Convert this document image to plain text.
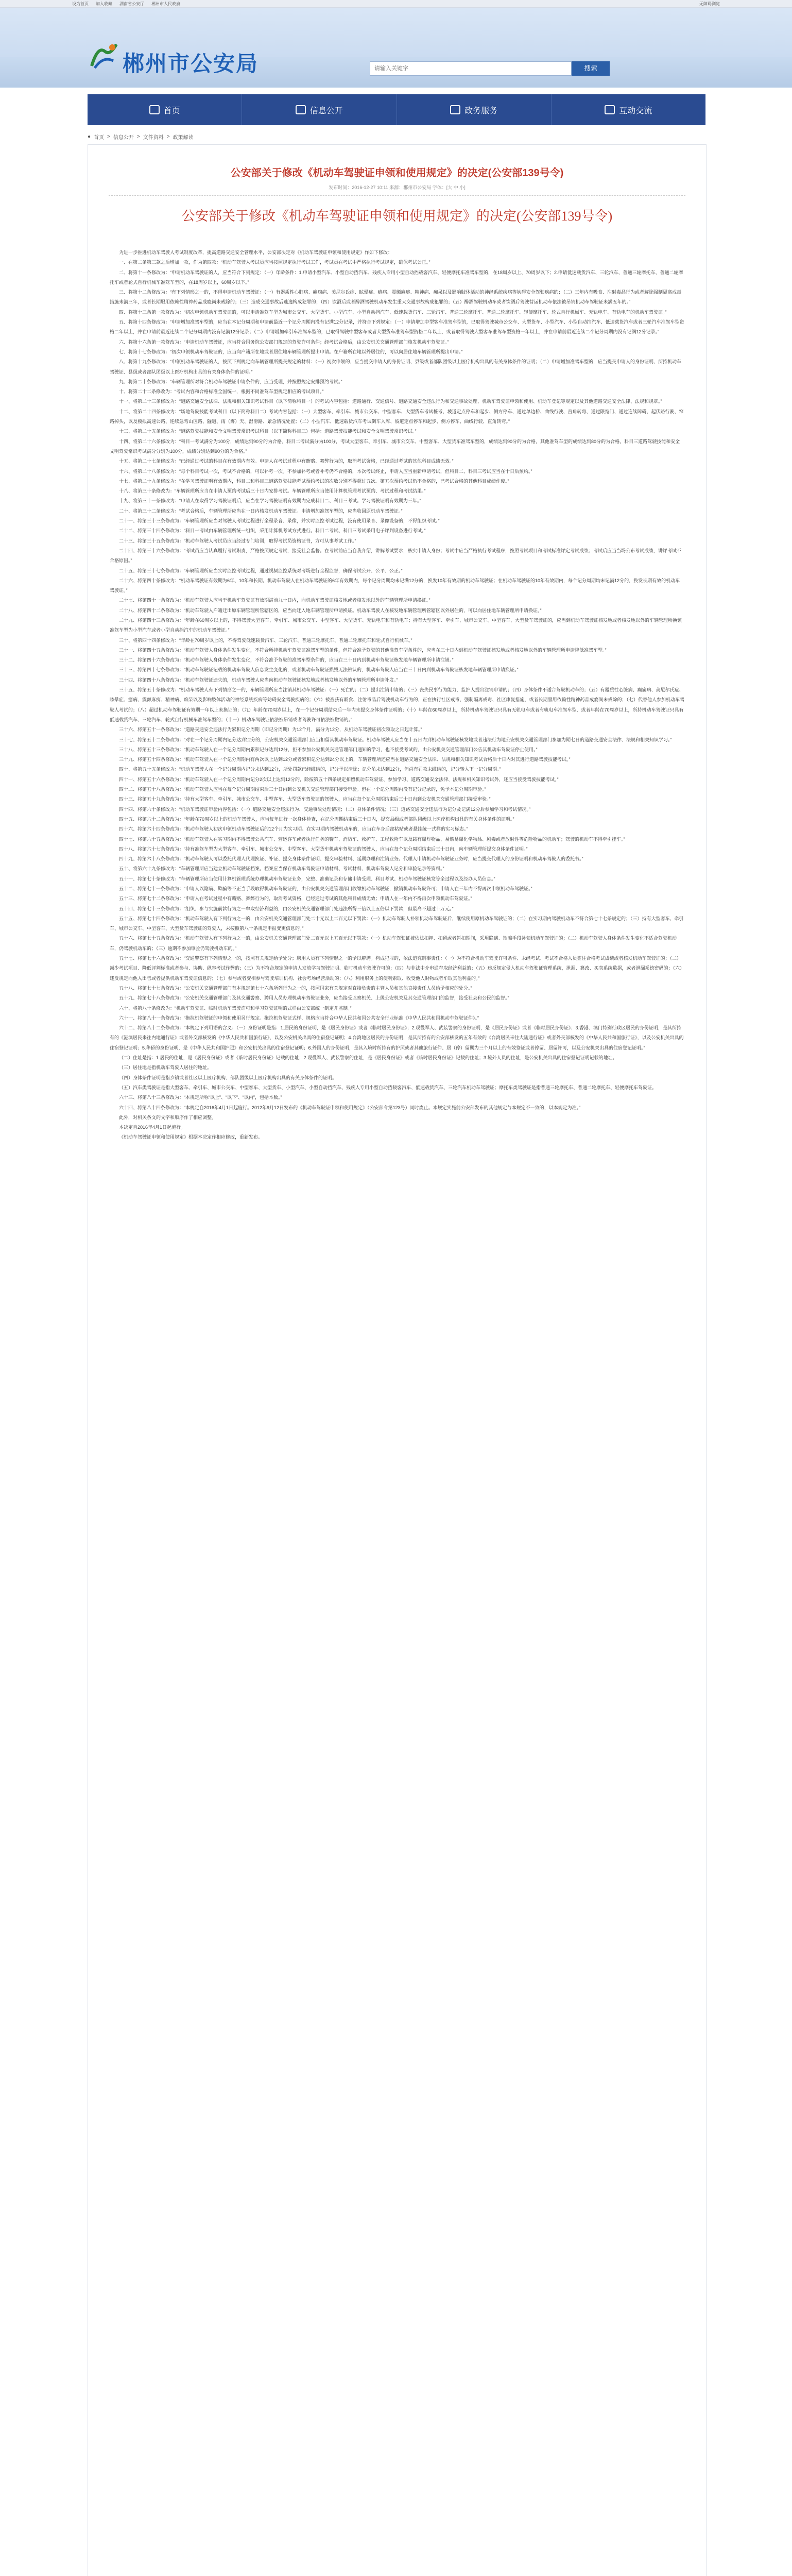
设为首页 加入收藏 湖南省公安厅 郴州市人民政府	无障碍浏览
郴州市公安局
请输入关键字	搜索
首页	信息公开	政务服务	互动交流
● 首页 > 信息公开 > 文件资料 > 政策解读
公安部关于修改《机动车驾驶证申领和使用规定》的决定(公安部139号令)
发布时间：2016-12-27 10:11 来源：郴州市公安局 字体：[大 中 小]
公安部关于修改《机动车驾驶证申领和使用规定》的决定(公安部139号令)

为进一步推进机动车驾驶人考试制度改革，提高道路交通安全管理水平，公安部决定对《机动车驾驶证申领和使用规定》作如下修改：

一、在第二条第三款之后增加一款，作为第四款：“机动车驾驶人考试员应当按照规定执行考试工作，考试员在考试中严格执行考试规定，确保考试公正。”

二、将第十一条修改为：“申请机动车驾驶证的人，应当符合下列规定：（一）年龄条件：1.申请小型汽车、小型自动挡汽车、残疾人专用小型自动挡载客汽车、轻便摩托车准驾车型的，在18周岁以上、70周岁以下；2.申请低速载货汽车、三轮汽车、普通三轮摩托车、普通二轮摩托车或者轮式自行机械车准驾车型的，在18周岁以上，60周岁以下。”

三、将第十二条修改为：“有下列情形之一的，不得申请机动车驾驶证：（一）有器质性心脏病、癫痫病、美尼尔氏症、眩晕症、癔病、震颤麻痹、精神病、痴呆以及影响肢体活动的神经系统疾病等妨碍安全驾驶疾病的；（二）三年内有吸食、注射毒品行为或者解除强制隔离戒毒措施未满三年，或者长期服用依赖性精神药品成瘾尚未戒除的；（三）造成交通事故后逃逸构成犯罪的；（四）饮酒后或者醉酒驾驶机动车发生重大交通事故构成犯罪的；（五）醉酒驾驶机动车或者饮酒后驾驶营运机动车依法被吊销机动车驾驶证未满五年的。”

四、将第十三条第一款修改为：“初次申领机动车驾驶证的，可以申请准驾车型为城市公交车、大型货车、小型汽车、小型自动挡汽车、低速载货汽车、三轮汽车、普通三轮摩托车、普通二轮摩托车、轻便摩托车、轮式自行机械车、无轨电车、有轨电车的机动车驾驶证。”

五、将第十四条修改为：“申请增加准驾车型的，应当在本记分周期和申请前最近一个记分周期内没有记满12分记录，并符合下列规定：（一）申请增加中型客车准驾车型的，已取得驾驶城市公交车、大型货车、小型汽车、小型自动挡汽车、低速载货汽车或者三轮汽车准驾车型资格二年以上，并在申请前最近连续二个记分周期内没有记满12分记录；（二）申请增加牵引车准驾车型的，已取得驾驶中型客车或者大型货车准驾车型资格二年以上，或者取得驾驶大型客车准驾车型资格一年以上，并在申请前最近连续二个记分周期内没有记满12分记录。”

六、将第十六条第一款修改为：“申请机动车驾驶证，应当符合国务院公安部门规定的驾驶许可条件；经考试合格后，由公安机关交通管理部门核发机动车驾驶证。”

七、将第十七条修改为：“初次申领机动车驾驶证的，应当向户籍所在地或者居住地车辆管理所提出申请。在户籍所在地以外居住的，可以向居住地车辆管理所提出申请。”

八、将第十九条修改为：“申领机动车驾驶证的人，按照下列规定向车辆管理所提交规定的材料：（一）初次申领的，应当提交申请人的身份证明、县级或者部队团级以上医疗机构出具的有关身体条件的证明；（二）申请增加准驾车型的，应当提交申请人的身份证明、所持机动车驾驶证、县级或者部队团级以上医疗机构出具的有关身体条件的证明。”

九、将第二十条修改为：“车辆管理所对符合机动车驾驶证申请条件的，应当受理，并按照规定安排预约考试。”

十、将第二十二条修改为：“考试内容和合格标准全国统一，根据不同准驾车型规定相应的考试项目。”

十一、将第二十三条修改为：“道路交通安全法律、法规和相关知识考试科目（以下简称科目一）的考试内容包括：道路通行、交通信号、道路交通安全违法行为和交通事故处理、机动车驾驶证申领和使用、机动车登记等规定以及其他道路交通安全法律、法规和规章。”

十二、将第二十四条修改为：“场地驾驶技能考试科目（以下简称科目二）考试内容包括：（一）大型客车、牵引车、城市公交车、中型客车、大型货车考试桩考、坡道定点停车和起步、侧方停车、通过单边桥、曲线行驶、直角转弯、通过限宽门、通过连续障碍、起伏路行驶、窄路掉头，以及模拟高速公路、连续急弯山区路、隧道、雨（雾）天、湿滑路、紧急情况处置；（二）小型汽车、低速载货汽车考试倒车入库、坡道定点停车和起步、侧方停车、曲线行驶、直角转弯。”

十三、将第二十五条修改为：“道路驾驶技能和安全文明驾驶常识考试科目（以下简称科目三）包括：道路驾驶技能考试和安全文明驾驶常识考试。”

十四、将第二十六条修改为：“科目一考试满分为100分，成绩达到90分的为合格。科目二考试满分为100分，考试大型客车、牵引车、城市公交车、中型客车、大型货车准驾车型的，成绩达到90分的为合格，其他准驾车型的成绩达到80分的为合格。科目三道路驾驶技能和安全文明驾驶常识考试满分分别为100分，成绩分别达到90分的为合格。”

十五、将第二十七条修改为：“已经通过考试的科目在有效期内有效。申请人在考试过程中有贿赂、舞弊行为的，取消考试资格，已经通过考试的其他科目成绩无效。”

十六、将第二十八条修改为：“每个科目考试一次，考试不合格的，可以补考一次。不参加补考或者补考仍不合格的，本次考试终止，申请人应当重新申请考试，但科目二、科目三考试应当在十日后预约。”

十七、将第二十九条修改为：“在学习驾驶证明有效期内，科目二和科目三道路驾驶技能考试预约考试的次数分别不得超过五次。第五次预约考试仍不合格的，已考试合格的其他科目成绩作废。”

十八、将第三十条修改为：“车辆管理所应当在申请人预约考试后三十日内安排考试。车辆管理所应当使用计算机管理考试预约、考试过程和考试结果。”

十九、将第三十一条修改为：“申请人在取得学习驾驶证明后，应当在学习驾驶证明有效期内完成科目二、科目三考试。学习驾驶证明有效期为三年。”

二十、将第三十二条修改为：“考试合格后，车辆管理所应当在一日内核发机动车驾驶证。申请增加准驾车型的，应当收回原机动车驾驶证。”

二十一、将第三十三条修改为：“车辆管理所应当对驾驶人考试过程进行全程录音、录像，并实时监控考试过程，没有使用录音、录像设备的，不得组织考试。”

二十二、将第三十四条修改为：“科目一考试由车辆管理所统一组织，采用计算机考试方式进行。科目二考试、科目三考试采用电子评判设备进行考试。”

二十三、将第三十五条修改为：“机动车驾驶人考试员应当经过专门培训，取得考试员资格证书，方可从事考试工作。”

二十四、将第三十六条修改为：“考试员应当认真履行考试职责，严格按照规定考试，接受社会监督。在考试前应当自我介绍，讲解考试要求，核实申请人身份；考试中应当严格执行考试程序，按照考试项目和考试标准评定考试成绩；考试后应当当场公布考试成绩，讲评考试不合格原因。”

二十五、将第三十七条修改为：“车辆管理所应当实时监控考试过程，通过视频监控系统对考场进行全程监督，确保考试公开、公平、公正。”

二十六、将第四十条修改为：“机动车驾驶证有效期为6年、10年和长期。机动车驾驶人在机动车驾驶证的6年有效期内，每个记分周期均未记满12分的，换发10年有效期的机动车驾驶证；在机动车驾驶证的10年有效期内，每个记分周期均未记满12分的，换发长期有效的机动车驾驶证。”

二十七、将第四十一条修改为：“机动车驾驶人应当于机动车驾驶证有效期满前九十日内，向机动车驾驶证核发地或者核发地以外的车辆管理所申请换证。”

二十八、将第四十二条修改为：“机动车驾驶人户籍迁出原车辆管理所管辖区的，应当向迁入地车辆管理所申请换证。机动车驾驶人在核发地车辆管理所管辖区以外居住的，可以向居住地车辆管理所申请换证。”

二十九、将第四十三条修改为：“年龄在60周岁以上的，不得驾驶大型客车、牵引车、城市公交车、中型客车、大型货车、无轨电车和有轨电车；持有大型客车、牵引车、城市公交车、中型客车、大型货车驾驶证的，应当到机动车驾驶证核发地或者核发地以外的车辆管理所换领准驾车型为小型汽车或者小型自动挡汽车的机动车驾驶证。”

三十、将第四十四条修改为：“年龄在70周岁以上的，不得驾驶低速载货汽车、三轮汽车、普通三轮摩托车、普通二轮摩托车和轮式自行机械车。”

三十一、将第四十五条修改为：“机动车驾驶人身体条件发生变化，不符合所持机动车驾驶证准驾车型的条件，但符合准予驾驶的其他准驾车型条件的，应当在三十日内到机动车驾驶证核发地或者核发地以外的车辆管理所申请降低准驾车型。”

三十二、将第四十六条修改为：“机动车驾驶人身体条件发生变化，不符合准予驾驶的准驾车型条件的，应当在三十日内到机动车驾驶证核发地车辆管理所申请注销。”

三十三、将第四十七条修改为：“机动车驾驶证记载的机动车驾驶人信息发生变化的，或者机动车驾驶证损毁无法辨认的，机动车驾驶人应当在三十日内到机动车驾驶证核发地车辆管理所申请换证。”

三十四、将第四十八条修改为：“机动车驾驶证遗失的，机动车驾驶人应当向机动车驾驶证核发地或者核发地以外的车辆管理所申请补发。”

三十五、将第五十条修改为：“机动车驾驶人有下列情形之一的，车辆管理所应当注销其机动车驾驶证：（一）死亡的；（二）提出注销申请的；（三）丧失民事行为能力，监护人提出注销申请的；（四）身体条件不适合驾驶机动车的；（五）有器质性心脏病、癫痫病、美尼尔氏症、眩晕症、癔病、震颤麻痹、精神病、痴呆以及影响肢体活动的神经系统疾病等妨碍安全驾驶疾病的；（六）被查获有吸食、注射毒品后驾驶机动车行为的，正在执行社区戒毒、强制隔离戒毒、社区康复措施，或者长期服用依赖性精神药品成瘾尚未戒除的；（七）代替他人参加机动车驾驶人考试的；（八）超过机动车驾驶证有效期一年以上未换证的；（九）年龄在70周岁以上，在一个记分周期结束后一年内未提交身体条件证明的；（十）年龄在60周岁以上，所持机动车驾驶证只具有无轨电车或者有轨电车准驾车型，或者年龄在70周岁以上，所持机动车驾驶证只具有低速载货汽车、三轮汽车、轮式自行机械车准驾车型的；（十一）机动车驾驶证依法被吊销或者驾驶许可依法被撤销的。”

三十六、将第五十一条修改为：“道路交通安全违法行为累积记分周期（即记分周期）为12个月，满分为12分，从机动车驾驶证初次领取之日起计算。”

三十七、将第五十二条修改为：“对在一个记分周期内记分达到12分的，公安机关交通管理部门应当扣留其机动车驾驶证。机动车驾驶人应当在十五日内到机动车驾驶证核发地或者违法行为地公安机关交通管理部门参加为期七日的道路交通安全法律、法规和相关知识学习。”

三十八、将第五十三条修改为：“机动车驾驶人在一个记分周期内累积记分达到12分，拒不参加公安机关交通管理部门通知的学习，也不接受考试的，由公安机关交通管理部门公告其机动车驾驶证停止使用。”

三十九、将第五十四条修改为：“机动车驾驶人在一个记分周期内有两次以上达到12分或者累积记分达到24分以上的，车辆管理所还应当在道路交通安全法律、法规和相关知识考试合格后十日内对其进行道路驾驶技能考试。”

四十、将第五十五条修改为：“机动车驾驶人在一个记分周期内记分未达到12分，所处罚款已经缴纳的，记分予以清除；记分虽未达到12分，但尚有罚款未缴纳的，记分转入下一记分周期。”

四十一、将第五十六条修改为：“机动车驾驶人在一个记分周期内记分2次以上达到12分的，除按第五十四条规定扣留机动车驾驶证、参加学习、道路交通安全法律、法规和相关知识考试外，还应当接受驾驶技能考试。”

四十二、将第五十八条修改为：“机动车驾驶人应当在每个记分周期结束后三十日内到公安机关交通管理部门接受审验。但在一个记分周期内没有记分记录的，免予本记分周期审验。”

四十三、将第五十九条修改为：“持有大型客车、牵引车、城市公交车、中型客车、大型货车驾驶证的驾驶人，应当在每个记分周期结束后三十日内到公安机关交通管理部门接受审验。”

四十四、将第六十条修改为：“机动车驾驶证审验内容包括：（一）道路交通安全违法行为、交通事故处理情况；（二）身体条件情况；（三）道路交通安全违法行为记分及记满12分后参加学习和考试情况。”

四十五、将第六十二条修改为：“年龄在70周岁以上的机动车驾驶人，应当每年进行一次身体检查，在记分周期结束后三十日内，提交县级或者部队团级以上医疗机构出具的有关身体条件的证明。”

四十六、将第六十四条修改为：“机动车驾驶人初次申领机动车驾驶证后的12个月为实习期。在实习期内驾驶机动车的，应当在车身后部粘贴或者悬挂统一式样的实习标志。”

四十七、将第六十五条修改为：“机动车驾驶人在实习期内不得驾驶公共汽车、营运客车或者执行任务的警车、消防车、救护车、工程救险车以及载有爆炸物品、易燃易爆化学物品、剧毒或者放射性等危险物品的机动车；驾驶的机动车不得牵引挂车。”

四十八、将第六十七条修改为：“持有准驾车型为大型客车、牵引车、城市公交车、中型客车、大型货车机动车驾驶证的驾驶人，应当在每个记分周期结束后三十日内，向车辆管理所提交身体条件证明。”

四十九、将第六十八条修改为：“机动车驾驶人可以委托代理人代理换证、补证、提交身体条件证明、提交审验材料、延期办理和注销业务。代理人申请机动车驾驶证业务时，应当提交代理人的身份证明和机动车驾驶人的委托书。”

五十、将第六十九条修改为：“车辆管理所应当建立机动车驾驶证档案。档案应当保存机动车驾驶证申请材料、考试材料、机动车驾驶人记分和审验记录等资料。”

五十一、将第七十条修改为：“车辆管理所应当使用计算机管理系统办理机动车驾驶证业务，完整、准确记录和存储申请受理、科目考试、机动车驾驶证核发等全过程以及经办人员信息。”

五十二、将第七十一条修改为：“申请人以隐瞒、欺骗等不正当手段取得机动车驾驶证的，由公安机关交通管理部门收缴机动车驾驶证，撤销机动车驾驶许可；申请人在三年内不得再次申领机动车驾驶证。”

五十三、将第七十二条修改为：“申请人在考试过程中有贿赂、舞弊行为的，取消考试资格，已经通过考试的其他科目成绩无效；申请人在一年内不得再次申领机动车驾驶证。”

五十四、将第七十三条修改为：“组织、参与实施前款行为之一牟取经济利益的，由公安机关交通管理部门处违法所得三倍以上五倍以下罚款，但最高不超过十万元。”

五十五、将第七十四条修改为：“机动车驾驶人有下列行为之一的，由公安机关交通管理部门处二十元以上二百元以下罚款：（一）机动车驾驶人补领机动车驾驶证后，继续使用原机动车驾驶证的；（二）在实习期内驾驶机动车不符合第七十七条规定的；（三）持有大型客车、牵引车、城市公交车、中型客车、大型货车驾驶证的驾驶人，未按照第八十条规定申报变更信息的。”

五十六、将第七十五条修改为：“机动车驾驶人有下列行为之一的，由公安机关交通管理部门处二百元以上五百元以下罚款：（一）机动车驾驶证被依法扣押、扣留或者暂扣期间，采用隐瞒、欺骗手段补领机动车驾驶证的；（二）机动车驾驶人身体条件发生变化不适合驾驶机动车，仍驾驶机动车的；（三）逾期不参加审验仍驾驶机动车的。”

五十七、将第七十六条修改为：“交通警察有下列情形之一的，按照有关规定给予处分；聘用人员有下列情形之一的予以解聘。构成犯罪的，依法追究刑事责任：（一）为不符合机动车驾驶许可条件、未经考试、考试不合格人员签注合格考试成绩或者核发机动车驾驶证的；（二）减少考试项目、降低评判标准或者参与、协助、纵容考试作弊的；（三）为不符合规定的申请人发放学习驾驶证明、临时机动车驾驶许可的；（四）与非法中介串通牟取经济利益的；（五）违反规定侵入机动车驾驶证管理系统，泄漏、篡改、买卖系统数据，或者泄漏系统密码的；（六）违反规定向他人出售或者提供机动车驾驶证信息的；（七）参与或者变相参与驾驶培训机构、社会考场经营活动的；（八）利用职务上的便利索取、收受他人财物或者牟取其他利益的。”

五十八、将第七十七条修改为：“公安机关交通管理部门有本规定第七十六条所列行为之一的，按照国家有关规定对直接负责的主管人员和其他直接责任人员给予相应的处分。”

五十九、将第七十八条修改为：“公安机关交通管理部门及其交通警察、聘用人员办理机动车驾驶证业务，应当接受监察机关、上级公安机关及其交通管理部门的监督，接受社会和公民的监督。”

六十、将第八十条修改为：“机动车驾驶证、临时机动车驾驶许可和学习驾驶证明的式样由公安部统一制定并监制。”

六十一、将第八十一条修改为：“拖拉机驾驶证的申领和使用另行规定。拖拉机驾驶证式样、规格应当符合中华人民共和国公共安全行业标准《中华人民共和国机动车驾驶证件》。”

六十二、将第八十二条修改为：“本规定下列用语的含义：（一）身份证明是指：1.居民的身份证明，是《居民身份证》或者《临时居民身份证》；2.现役军人、武装警察的身份证明，是《居民身份证》或者《临时居民身份证》；3.香港、澳门特别行政区居民的身份证明，是其所持有的《港澳居民来往内地通行证》或者外交部核发的《中华人民共和国旅行证》，以及公安机关出具的住宿登记证明；4.台湾地区居民的身份证明，是其所持有的公安部核发的五年有效的《台湾居民来往大陆通行证》或者外交部核发的《中华人民共和国旅行证》，以及公安机关出具的住宿登记证明；5.华侨的身份证明，是《中华人民共和国护照》和公安机关出具的住宿登记证明；6.外国人的身份证明，是其入境时所持有的护照或者其他旅行证件、居（停）留期为三个月以上的有效签证或者停留、居留许可，以及公安机关出具的住宿登记证明。”

（二）住址是指：1.居民的住址，是《居民身份证》或者《临时居民身份证》记载的住址；2.现役军人、武装警察的住址，是《居民身份证》或者《临时居民身份证》记载的住址；3.境外人员的住址，是公安机关出具的住宿登记证明记载的地址。

（三）居住地是指机动车驾驶人居住的地址。

（四）身体条件证明是指乡镇或者社区以上医疗机构、部队团级以上医疗机构出具的有关身体条件的证明。

（五）汽车类驾驶证是指大型客车、牵引车、城市公交车、中型客车、大型货车、小型汽车、小型自动挡汽车、残疾人专用小型自动挡载客汽车、低速载货汽车、三轮汽车机动车驾驶证；摩托车类驾驶证是指普通三轮摩托车、普通二轮摩托车、轻便摩托车驾驶证。

六十三、将第八十三条修改为：“本规定所称“以上”、“以下”、“以内”，包括本数。”

六十四、将第八十四条修改为：“本规定自2016年4月1日起施行。2012年9月12日发布的《机动车驾驶证申领和使用规定》（公安部令第123号）同时废止。本规定实施前公安部发布的其他规定与本规定不一致的，以本规定为准。”

此外，对相关条文的文字和顺序作了相应调整。

本决定自2016年4月1日起施行。

《机动车驾驶证申领和使用规定》根据本决定作相应修改，重新发布。
